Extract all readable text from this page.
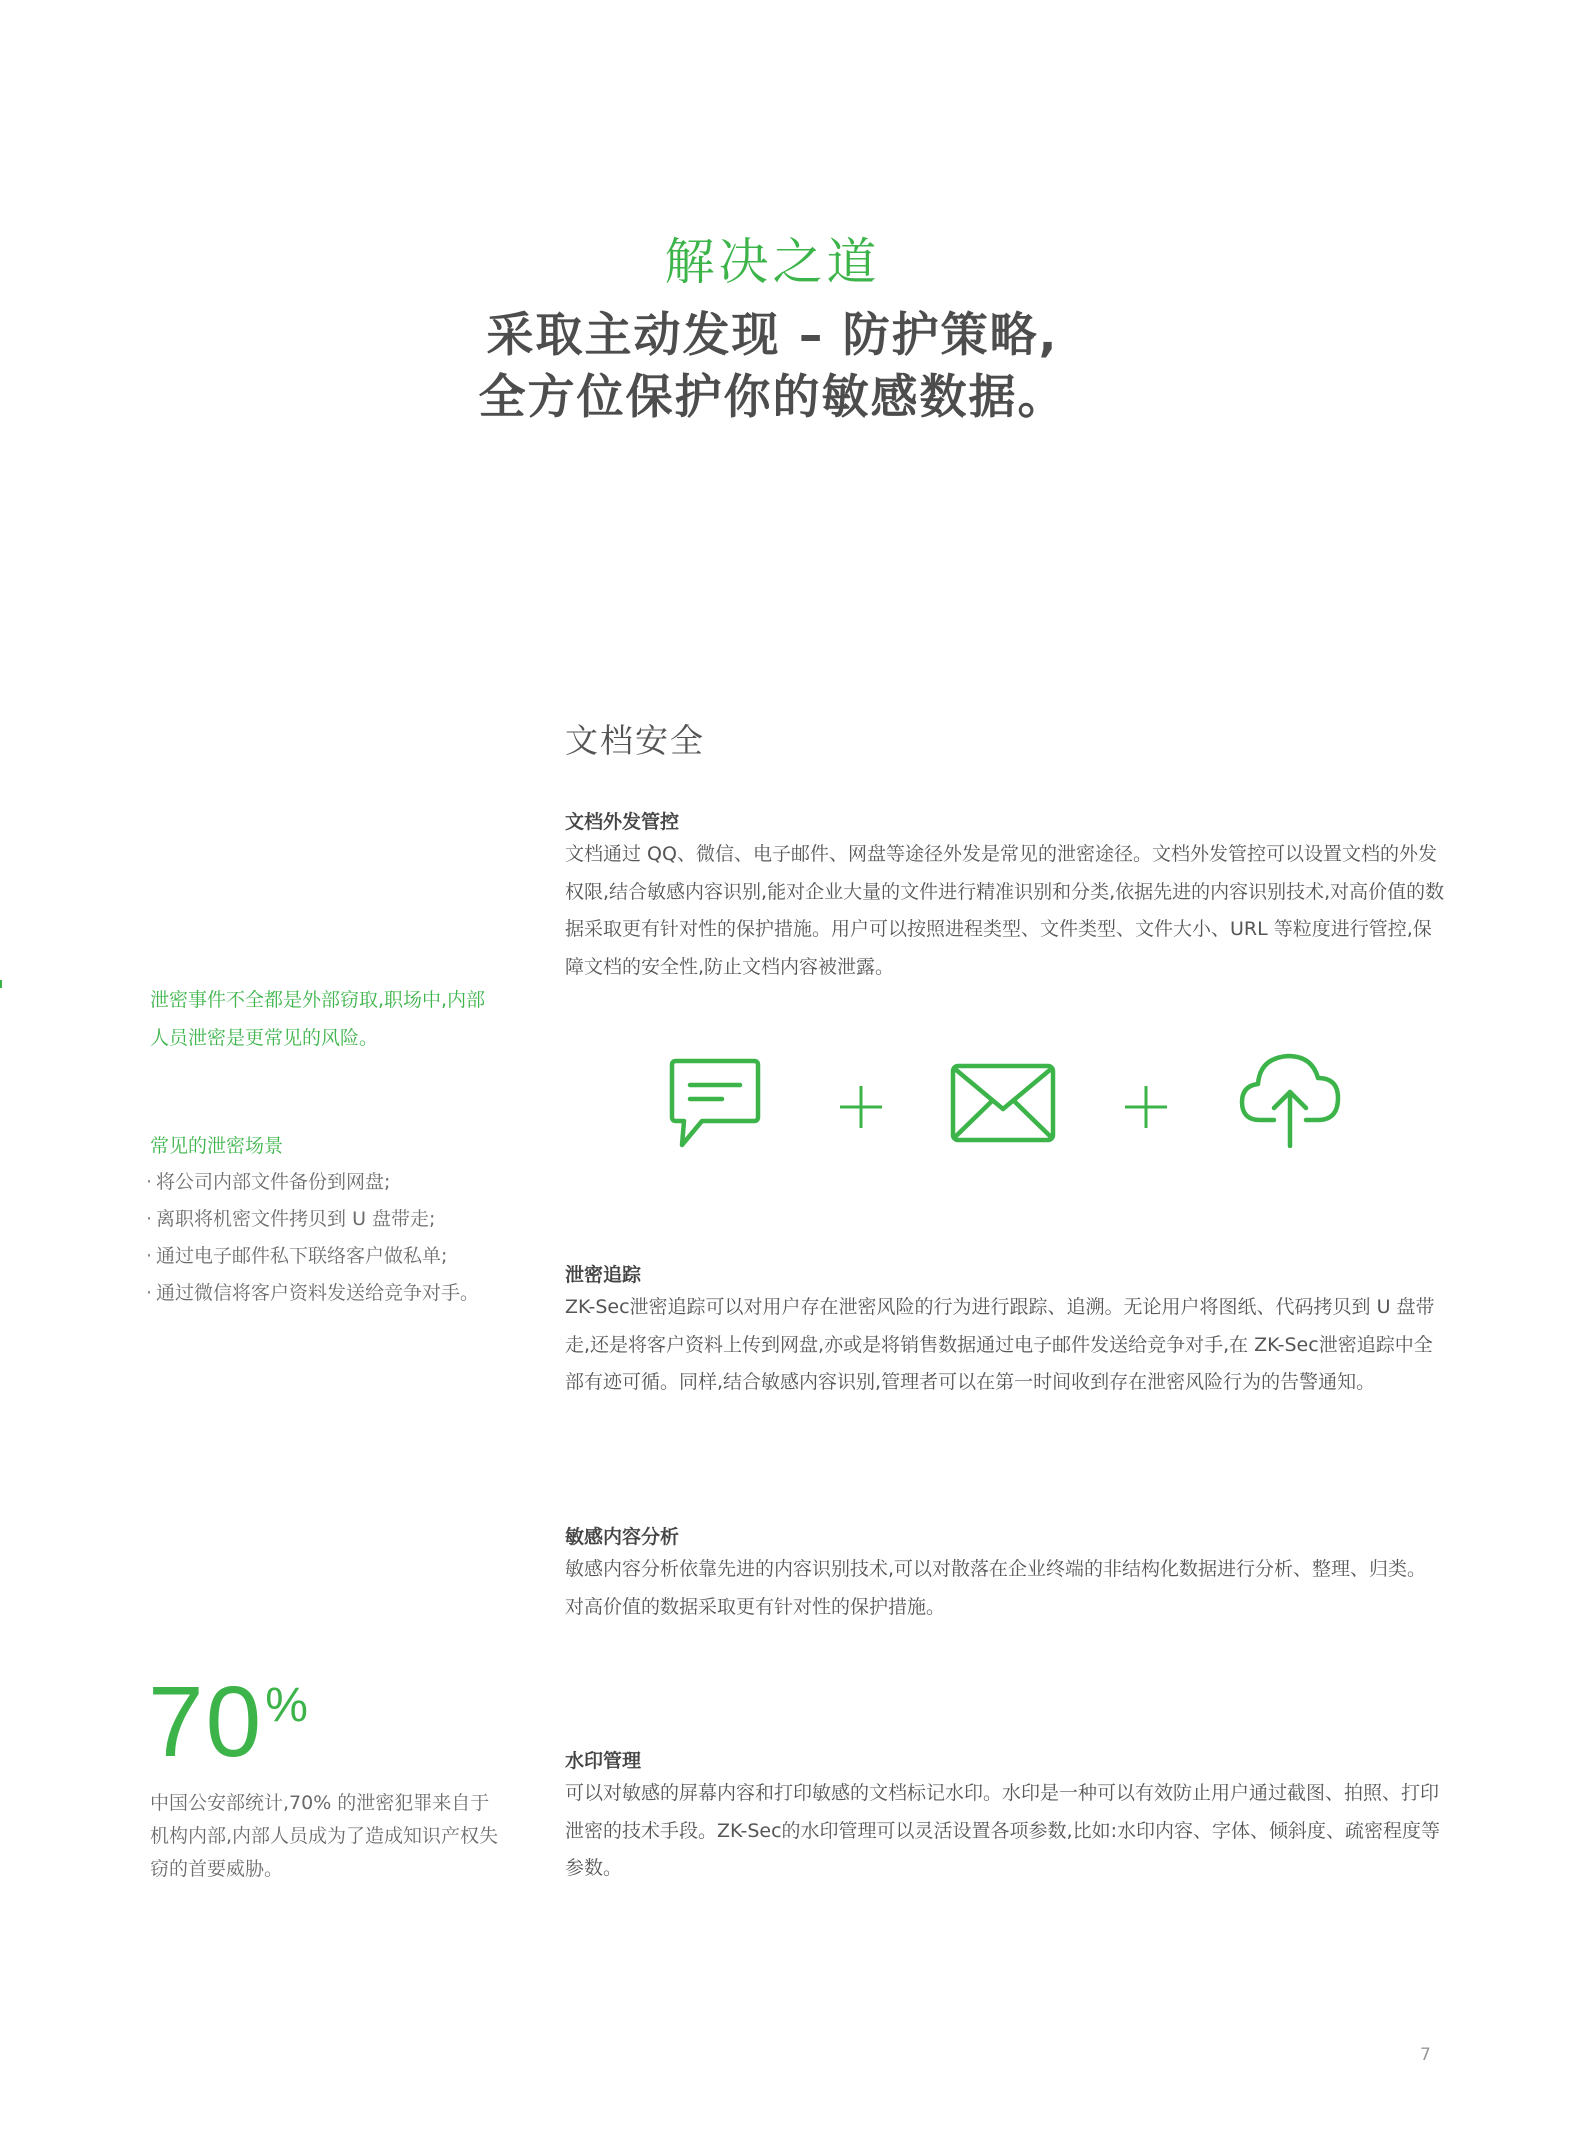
解决之道
采取主动发现 – 防护策略,
全方位保护你的敏感数据。
文档安全
文档外发管控
文档通过 QQ、微信、电子邮件、网盘等途径外发是常见的泄密途径。文档外发管控可以设置文档的外发权限,结合敏感内容识别,能对企业大量的文件进行精准识别和分类,依据先进的内容识别技术,对高价值的数据采取更有针对性的保护措施。用户可以按照进程类型、文件类型、文件大小、URL 等粒度进行管控,保障文档的安全性,防止文档内容被泄露。
泄密追踪
ZK-Sec泄密追踪可以对用户存在泄密风险的行为进行跟踪、追溯。无论用户将图纸、代码拷贝到 U 盘带走,还是将客户资料上传到网盘,亦或是将销售数据通过电子邮件发送给竞争对手,在 ZK-Sec泄密追踪中全部有迹可循。同样,结合敏感内容识别,管理者可以在第一时间收到存在泄密风险行为的告警通知。
敏感内容分析
敏感内容分析依靠先进的内容识别技术,可以对散落在企业终端的非结构化数据进行分析、整理、归类。对高价值的数据采取更有针对性的保护措施。
水印管理
可以对敏感的屏幕内容和打印敏感的文档标记水印。水印是一种可以有效防止用户通过截图、拍照、打印泄密的技术手段。ZK-Sec的水印管理可以灵活设置各项参数,比如:水印内容、字体、倾斜度、疏密程度等参数。
泄密事件不全都是外部窃取,职场中,内部人员泄密是更常见的风险。
常见的泄密场景
· 将公司内部文件备份到网盘;
· 离职将机密文件拷贝到 U 盘带走;
· 通过电子邮件私下联络客户做私单;
· 通过微信将客户资料发送给竞争对手。
70%
中国公安部统计,70% 的泄密犯罪来自于机构内部,内部人员成为了造成知识产权失窃的首要威胁。
7
